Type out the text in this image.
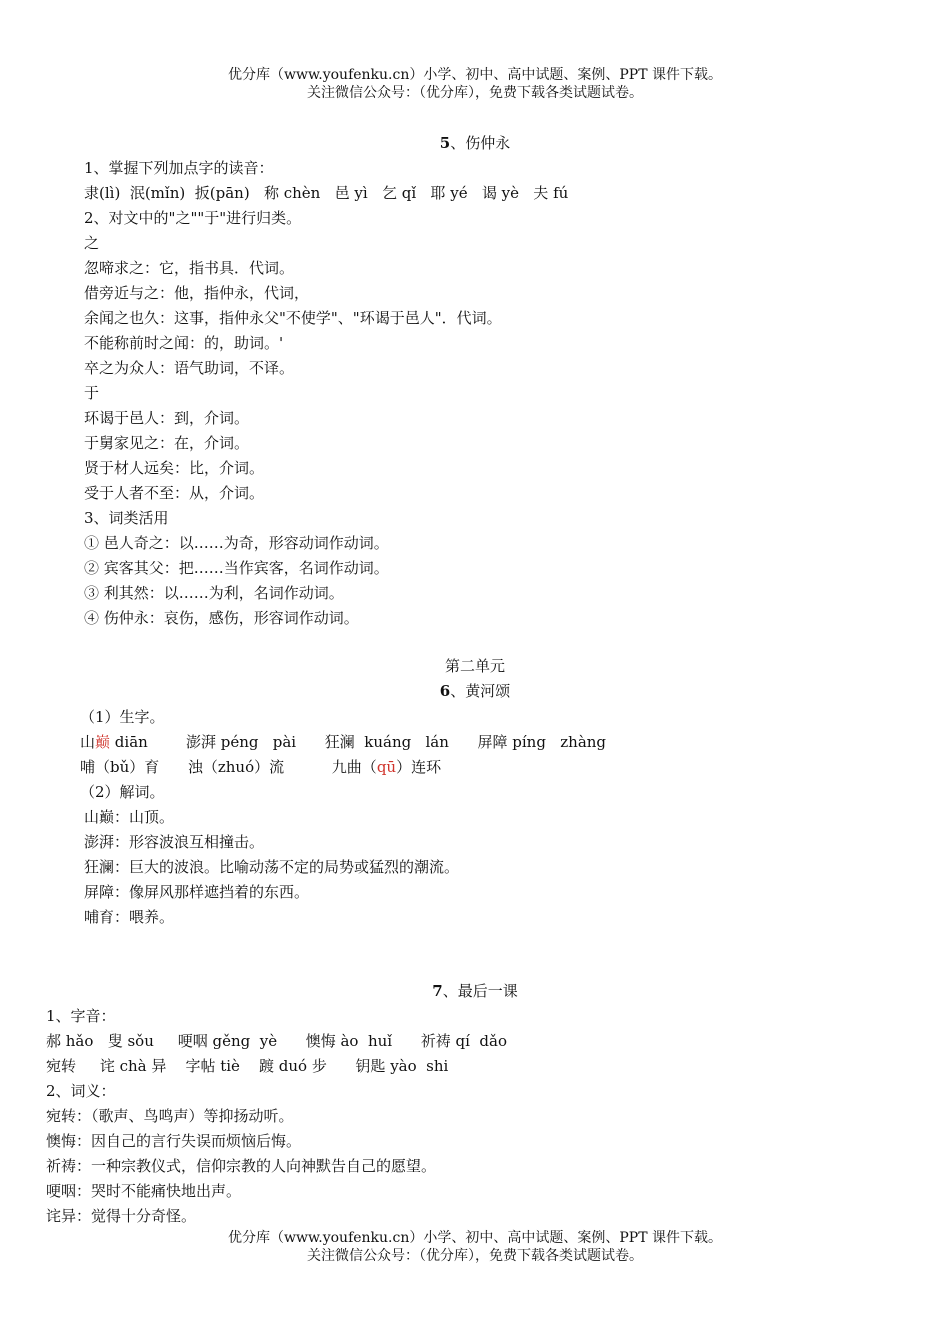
优分库（www.youfenku.cn）小学、初中、高中试题、案例、PPT 课件下载。
关注微信公众号：（优分库），免费下载各类试题试卷。
5、伤仲永
1、掌握下列加点字的读音：
隶(lì)  泯(mǐn)  扳(pān)   称 chèn   邑 yì   乞 qǐ   耶 yé   谒 yè   夫 fú
2、对文中的"之""于"进行归类。
之
忽啼求之：它，指书具．代词。
借旁近与之：他，指仲永，代词，
余闻之也久：这事，指仲永父"不使学"、"环谒于邑人"．代词。
不能称前时之闻：的，助词。'
卒之为众人：语气助词，不译。
于
环谒于邑人：到，介词。
于舅家见之：在，介词。
贤于材人远矣：比，介词。
受于人者不至：从，介词。
3、词类活用
① 邑人奇之：以……为奇，形容动词作动词。
② 宾客其父：把……当作宾客，名词作动词。
③ 利其然：以……为利，名词作动词。
④ 伤仲永：哀伤，感伤，形容词作动词。
第二单元
6、黄河颂
（1）生字。
山巅 diān        澎湃 péng   pài      狂澜  kuáng   lán      屏障 píng   zhàng
哺（bǔ）育      浊（zhuó）流          九曲（qū）连环
（2）解词。
山巅：山顶。
澎湃：形容波浪互相撞击。
狂澜：巨大的波浪。比喻动荡不定的局势或猛烈的潮流。
屏障：像屏风那样遮挡着的东西。
哺育：喂养。
7、最后一课
1、字音：
郝 hǎo   叟 sǒu     哽咽 gěng  yè      懊悔 ào  huǐ      祈祷 qí  dǎo
宛转     诧 chà 异    字帖 tiè    踱 duó 步      钥匙 yào  shi
2、词义：
宛转：（歌声、鸟鸣声）等抑扬动听。
懊悔：因自己的言行失误而烦恼后悔。
祈祷：一种宗教仪式，信仰宗教的人向神默告自己的愿望。
哽咽：哭时不能痛快地出声。
诧异：觉得十分奇怪。
优分库（www.youfenku.cn）小学、初中、高中试题、案例、PPT 课件下载。
关注微信公众号：（优分库），免费下载各类试题试卷。
